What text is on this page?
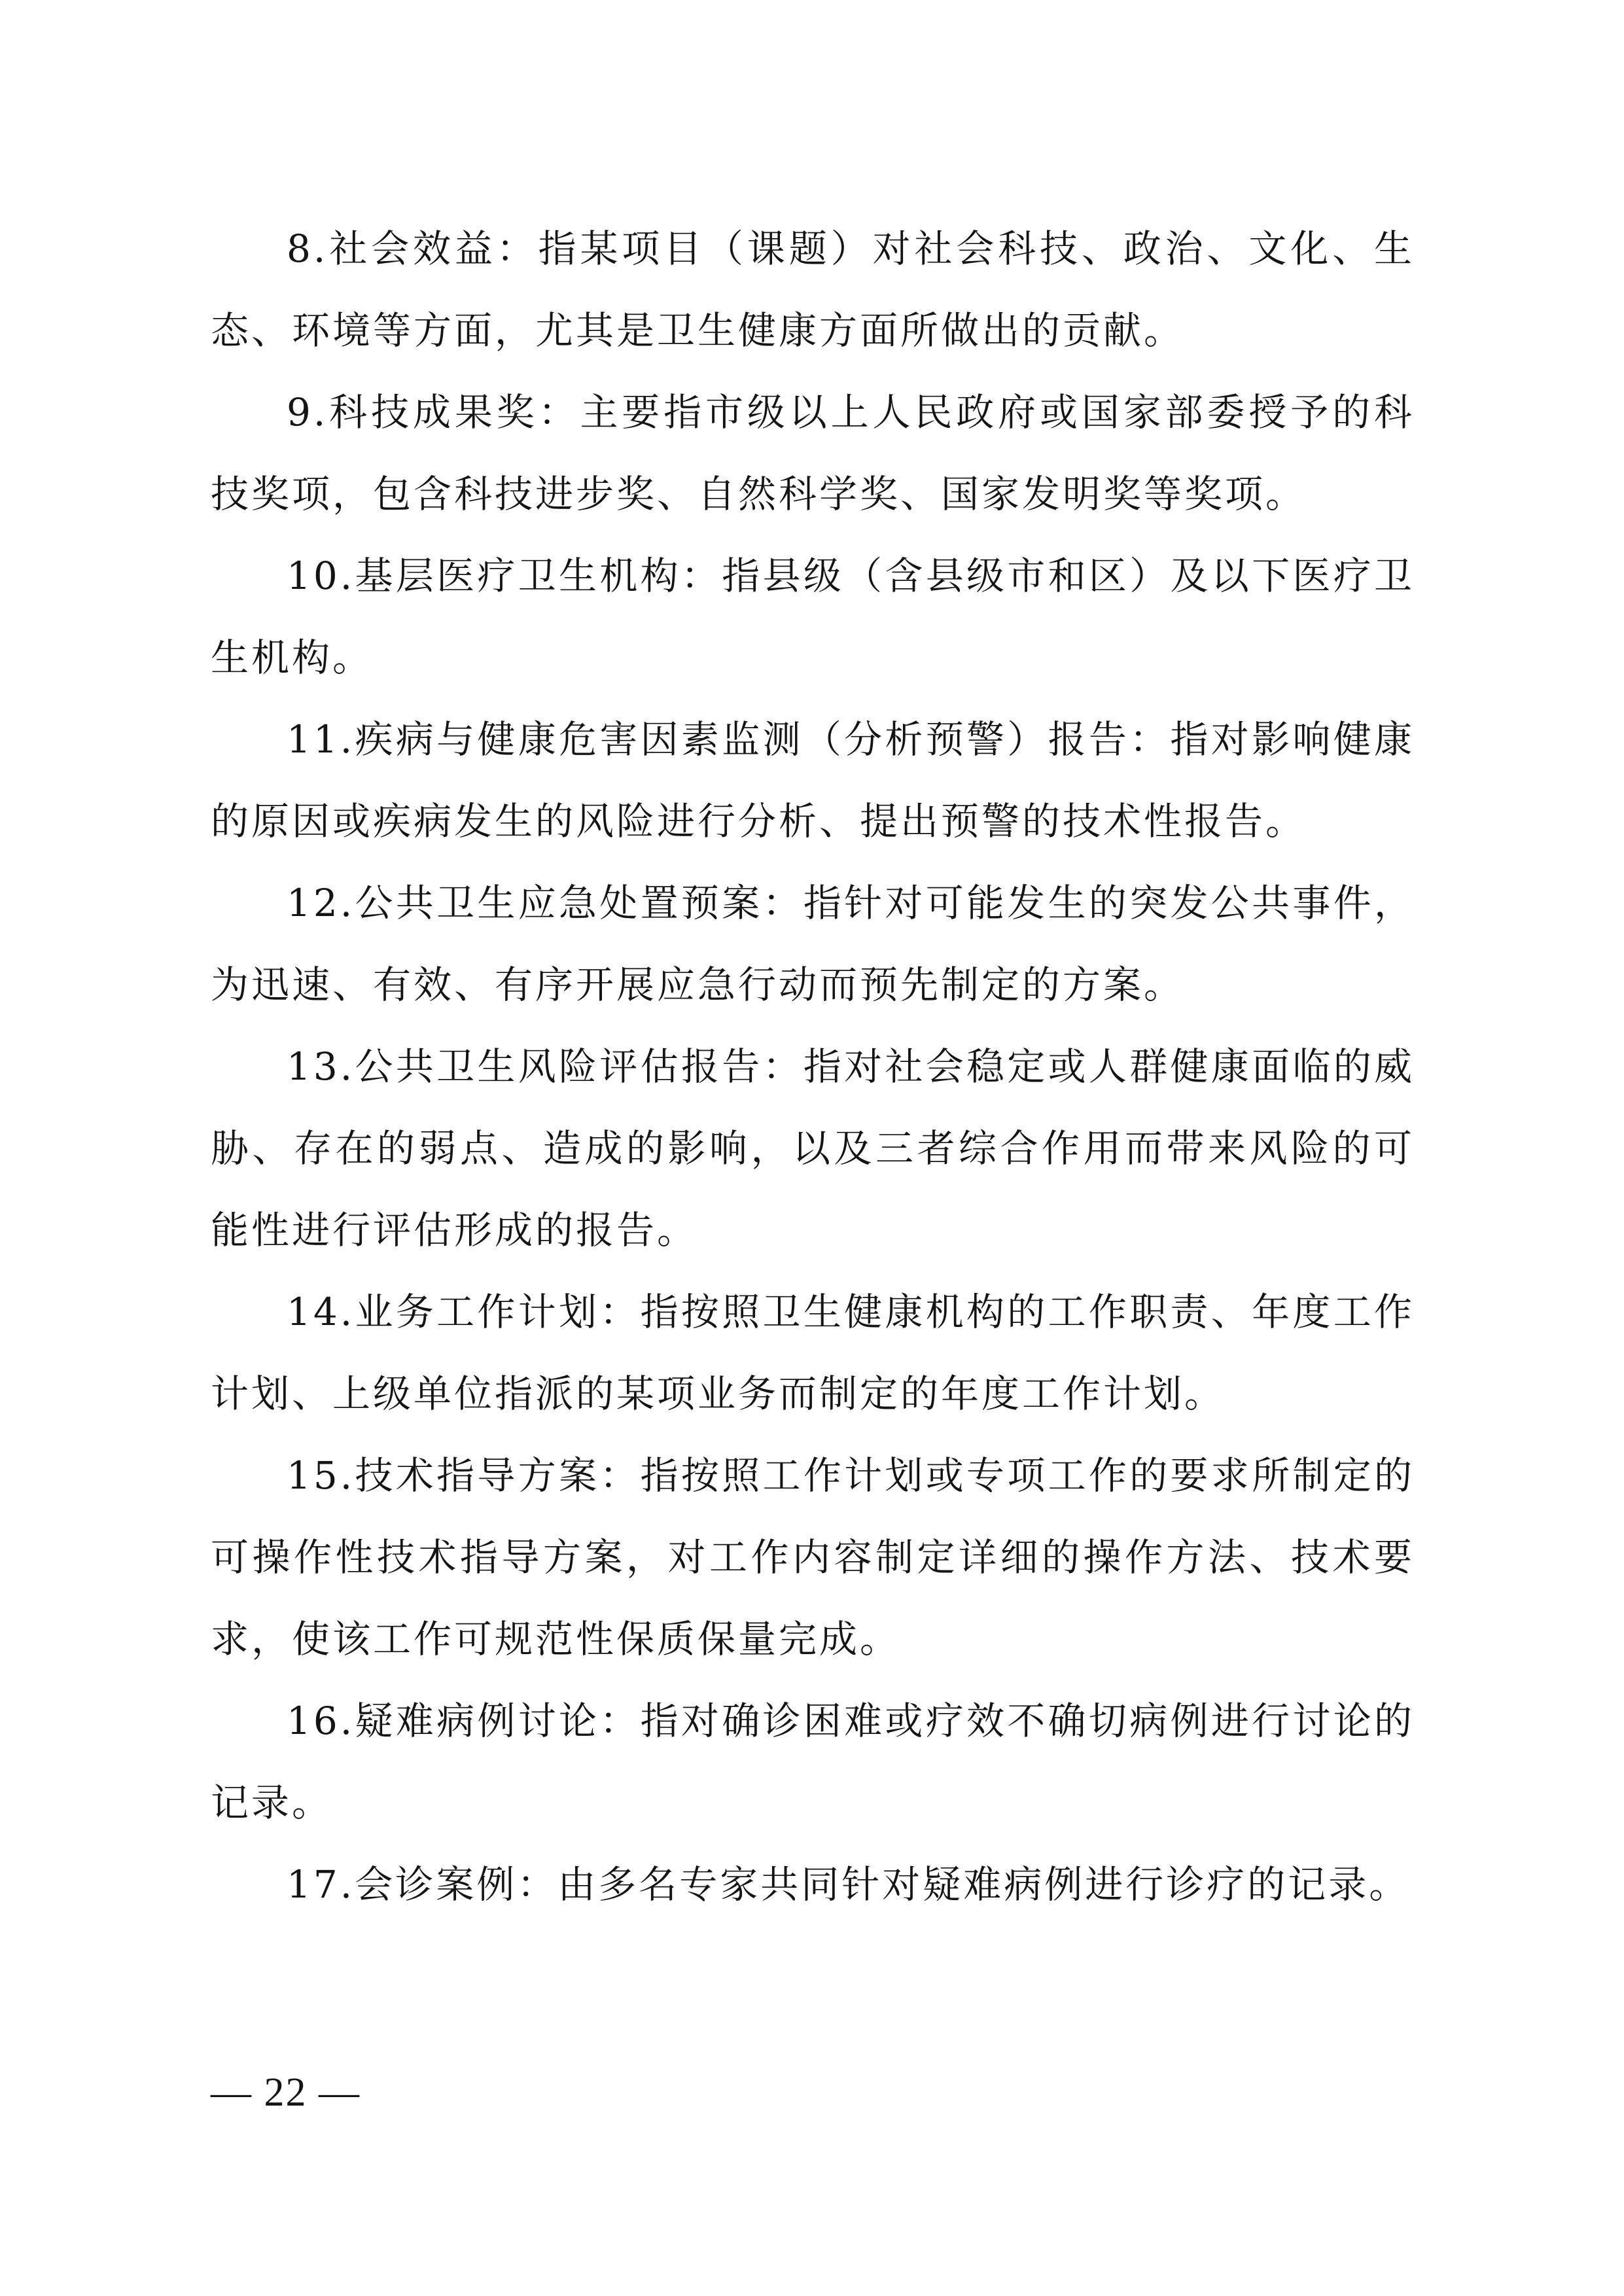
8.社会效益：指某项目（课题）对社会科技、政治、文化、生态、环境等方面，尤其是卫生健康方面所做出的贡献。

9.科技成果奖：主要指市级以上人民政府或国家部委授予的科技奖项，包含科技进步奖、自然科学奖、国家发明奖等奖项。

10.基层医疗卫生机构：指县级（含县级市和区）及以下医疗卫生机构。

11.疾病与健康危害因素监测（分析预警）报告：指对影响健康的原因或疾病发生的风险进行分析、提出预警的技术性报告。

12.公共卫生应急处置预案：指针对可能发生的突发公共事件，为迅速、有效、有序开展应急行动而预先制定的方案。

13.公共卫生风险评估报告：指对社会稳定或人群健康面临的威胁、存在的弱点、造成的影响，以及三者综合作用而带来风险的可能性进行评估形成的报告。

14.业务工作计划：指按照卫生健康机构的工作职责、年度工作计划、上级单位指派的某项业务而制定的年度工作计划。

15.技术指导方案：指按照工作计划或专项工作的要求所制定的可操作性技术指导方案，对工作内容制定详细的操作方法、技术要求，使该工作可规范性保质保量完成。

16.疑难病例讨论：指对确诊困难或疗效不确切病例进行讨论的记录。

17.会诊案例：由多名专家共同针对疑难病例进行诊疗的记录。

— 22 —
